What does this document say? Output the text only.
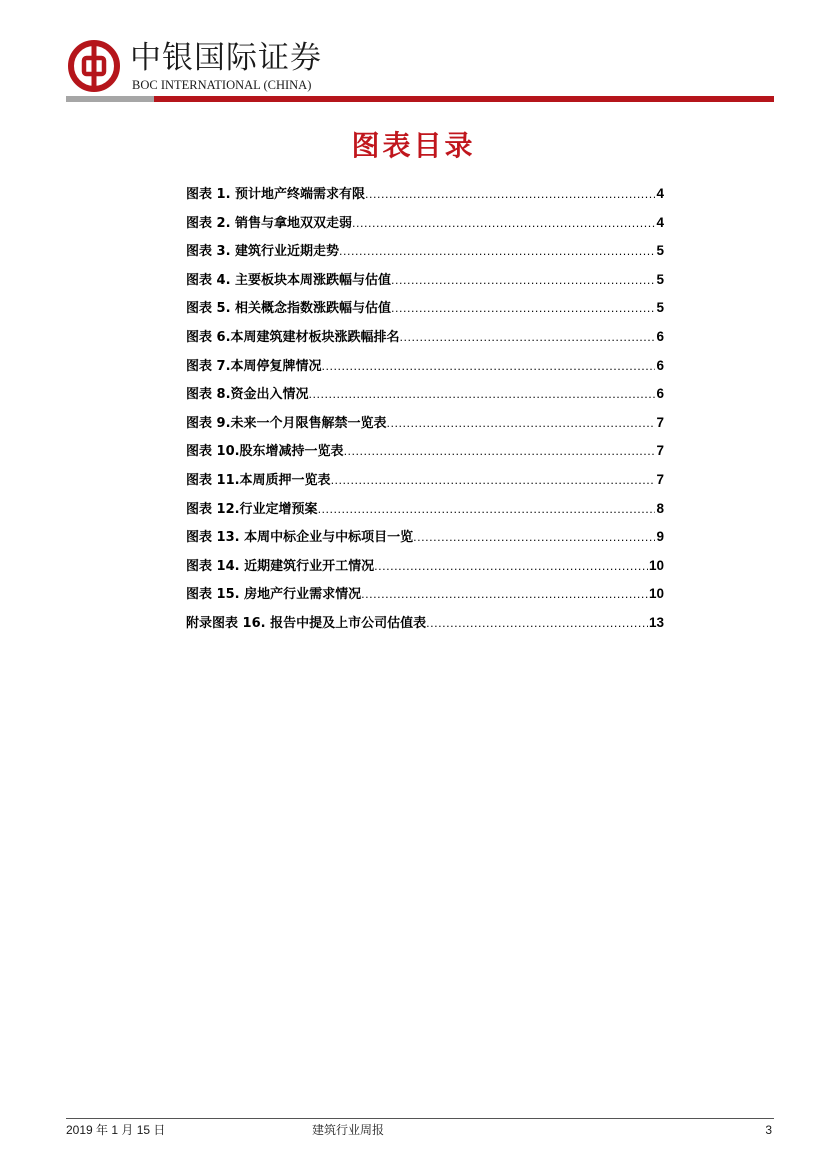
中银国际证券
BOC INTERNATIONAL (CHINA)
图表目录
图表 1. 预计地产终端需求有限 .....	4
图表 2. 销售与拿地双双走弱 .....	4
图表 3. 建筑行业近期走势 .....	5
图表 4. 主要板块本周涨跌幅与估值 .....	5
图表 5. 相关概念指数涨跌幅与估值 .....	5
图表 6.本周建筑建材板块涨跌幅排名 .....	6
图表 7.本周停复牌情况 .....	6
图表 8.资金出入情况 .....	6
图表 9.未来一个月限售解禁一览表 .....	7
图表 10.股东增减持一览表 .....	7
图表 11.本周质押一览表 .....	7
图表 12.行业定增预案 .....	8
图表 13. 本周中标企业与中标项目一览 .....	9
图表 14. 近期建筑行业开工情况 .....	10
图表 15. 房地产行业需求情况 .....	10
附录图表 16. 报告中提及上市公司估值表 .....	13
2019 年 1 月 15 日	建筑行业周报	3
